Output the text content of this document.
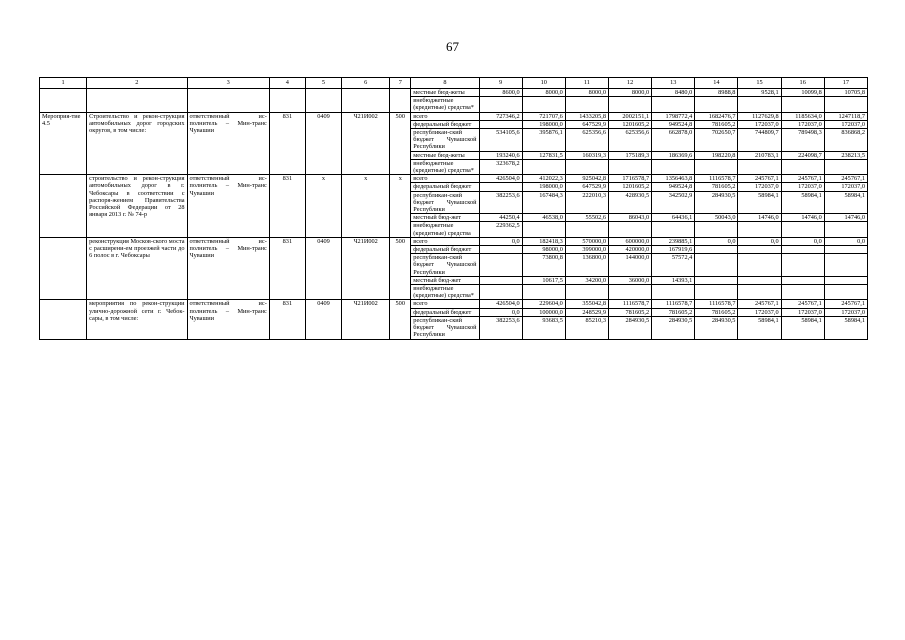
67
1	2	3	4	5	6	7	8	9	10	11	12	13	14	15	16	17
							местные бюд-жеты	8600,0	8000,0	8000,0	8000,0	8480,0	8988,8	9528,1	10099,8	10705,8
							внебюджетные (кредитные) средства*									
Мероприя-тие 4.5	Строительство и рекон-струкция автомобильных дорог городских округов, в том числе:	ответственный ис-полнитель – Мин-транс Чувашии	831	0409	Ч21И002	500	всего	727346,2	721707,6	1433205,8	2002151,1	1798772,4	1682476,7	1127629,8	1185634,0	1247118,7
							федеральный бюджет		198000,0	647529,9	1201605,2	949524,8	781605,2	172037,0	172037,0	172037,0
							республикан-ский бюджет Чувашской Республики	534105,6	395876,1	625356,6	625356,6	662878,0	702650,7	744809,7	789498,3	836868,2
							местные бюд-жеты	193240,6	127831,5	160319,3	175189,3	186369,6	198220,8	210783,1	224098,7	238213,5
							внебюджетные (кредитные) средства*	323678,2								
	строительство и рекон-струкция автомобильных дорог в г. Чебоксары в соответствии с распоря-жением Правительства Российской Федерации от 28 января 2013 г. № 74-р	ответственный ис-полнитель – Мин-транс Чувашии	831	x	x	x	всего	426504,0	412022,3	925042,8	1716578,7	1356463,8	1116578,7	245767,1	245767,1	245767,1
							федеральный бюджет		198000,0	647529,9	1201605,2	949524,8	781605,2	172037,0	172037,0	172037,0
							республикан-ский бюджет Чувашской Республики	382253,6	167484,3	222010,3	428930,5	342502,9	284930,5	58984,1	58984,1	58984,1
							местный бюд-жет	44250,4	46538,0	55502,6	86043,0	64436,1	50043,0	14746,0	14746,0	14746,0
							внебюджетные (кредитные) средства	229362,5								
	реконструкция Москов-ского моста с расширени-ем проезжей части до 6 полос в г. Чебоксары	ответственный ис-полнитель – Мин-транс Чувашии	831	0409	Ч21И002	500	всего	0,0	182418,3	570000,0	600000,0	239885,1	0,0	0,0	0,0	0,0
							федеральный бюджет		98000,0	399000,0	420000,0	167919,6				
							республикан-ский бюджет Чувашской Республики		73800,8	136800,0	144000,0	57572,4				
							местный бюд-жет		10617,5	34200,0	36000,0	14393,1				
							внебюджетные (кредитные) средства*									
	мероприятия по рекон-струкции улично-дорожной сети г. Чебок-сары, в том числе:	ответственный ис-полнитель – Мин-транс Чувашии	831	0409	Ч21И002	500	всего	426504,0	229604,0	355042,8	1116578,7	1116578,7	1116578,7	245767,1	245767,1	245767,1
							федеральный бюджет	0,0	100000,0	248529,9	781605,2	781605,2	781605,2	172037,0	172037,0	172037,0
							республикан-ский бюджет Чувашской Республики	382253,6	93683,5	85210,3	284930,5	284930,5	284930,5	58984,1	58984,1	58984,1
